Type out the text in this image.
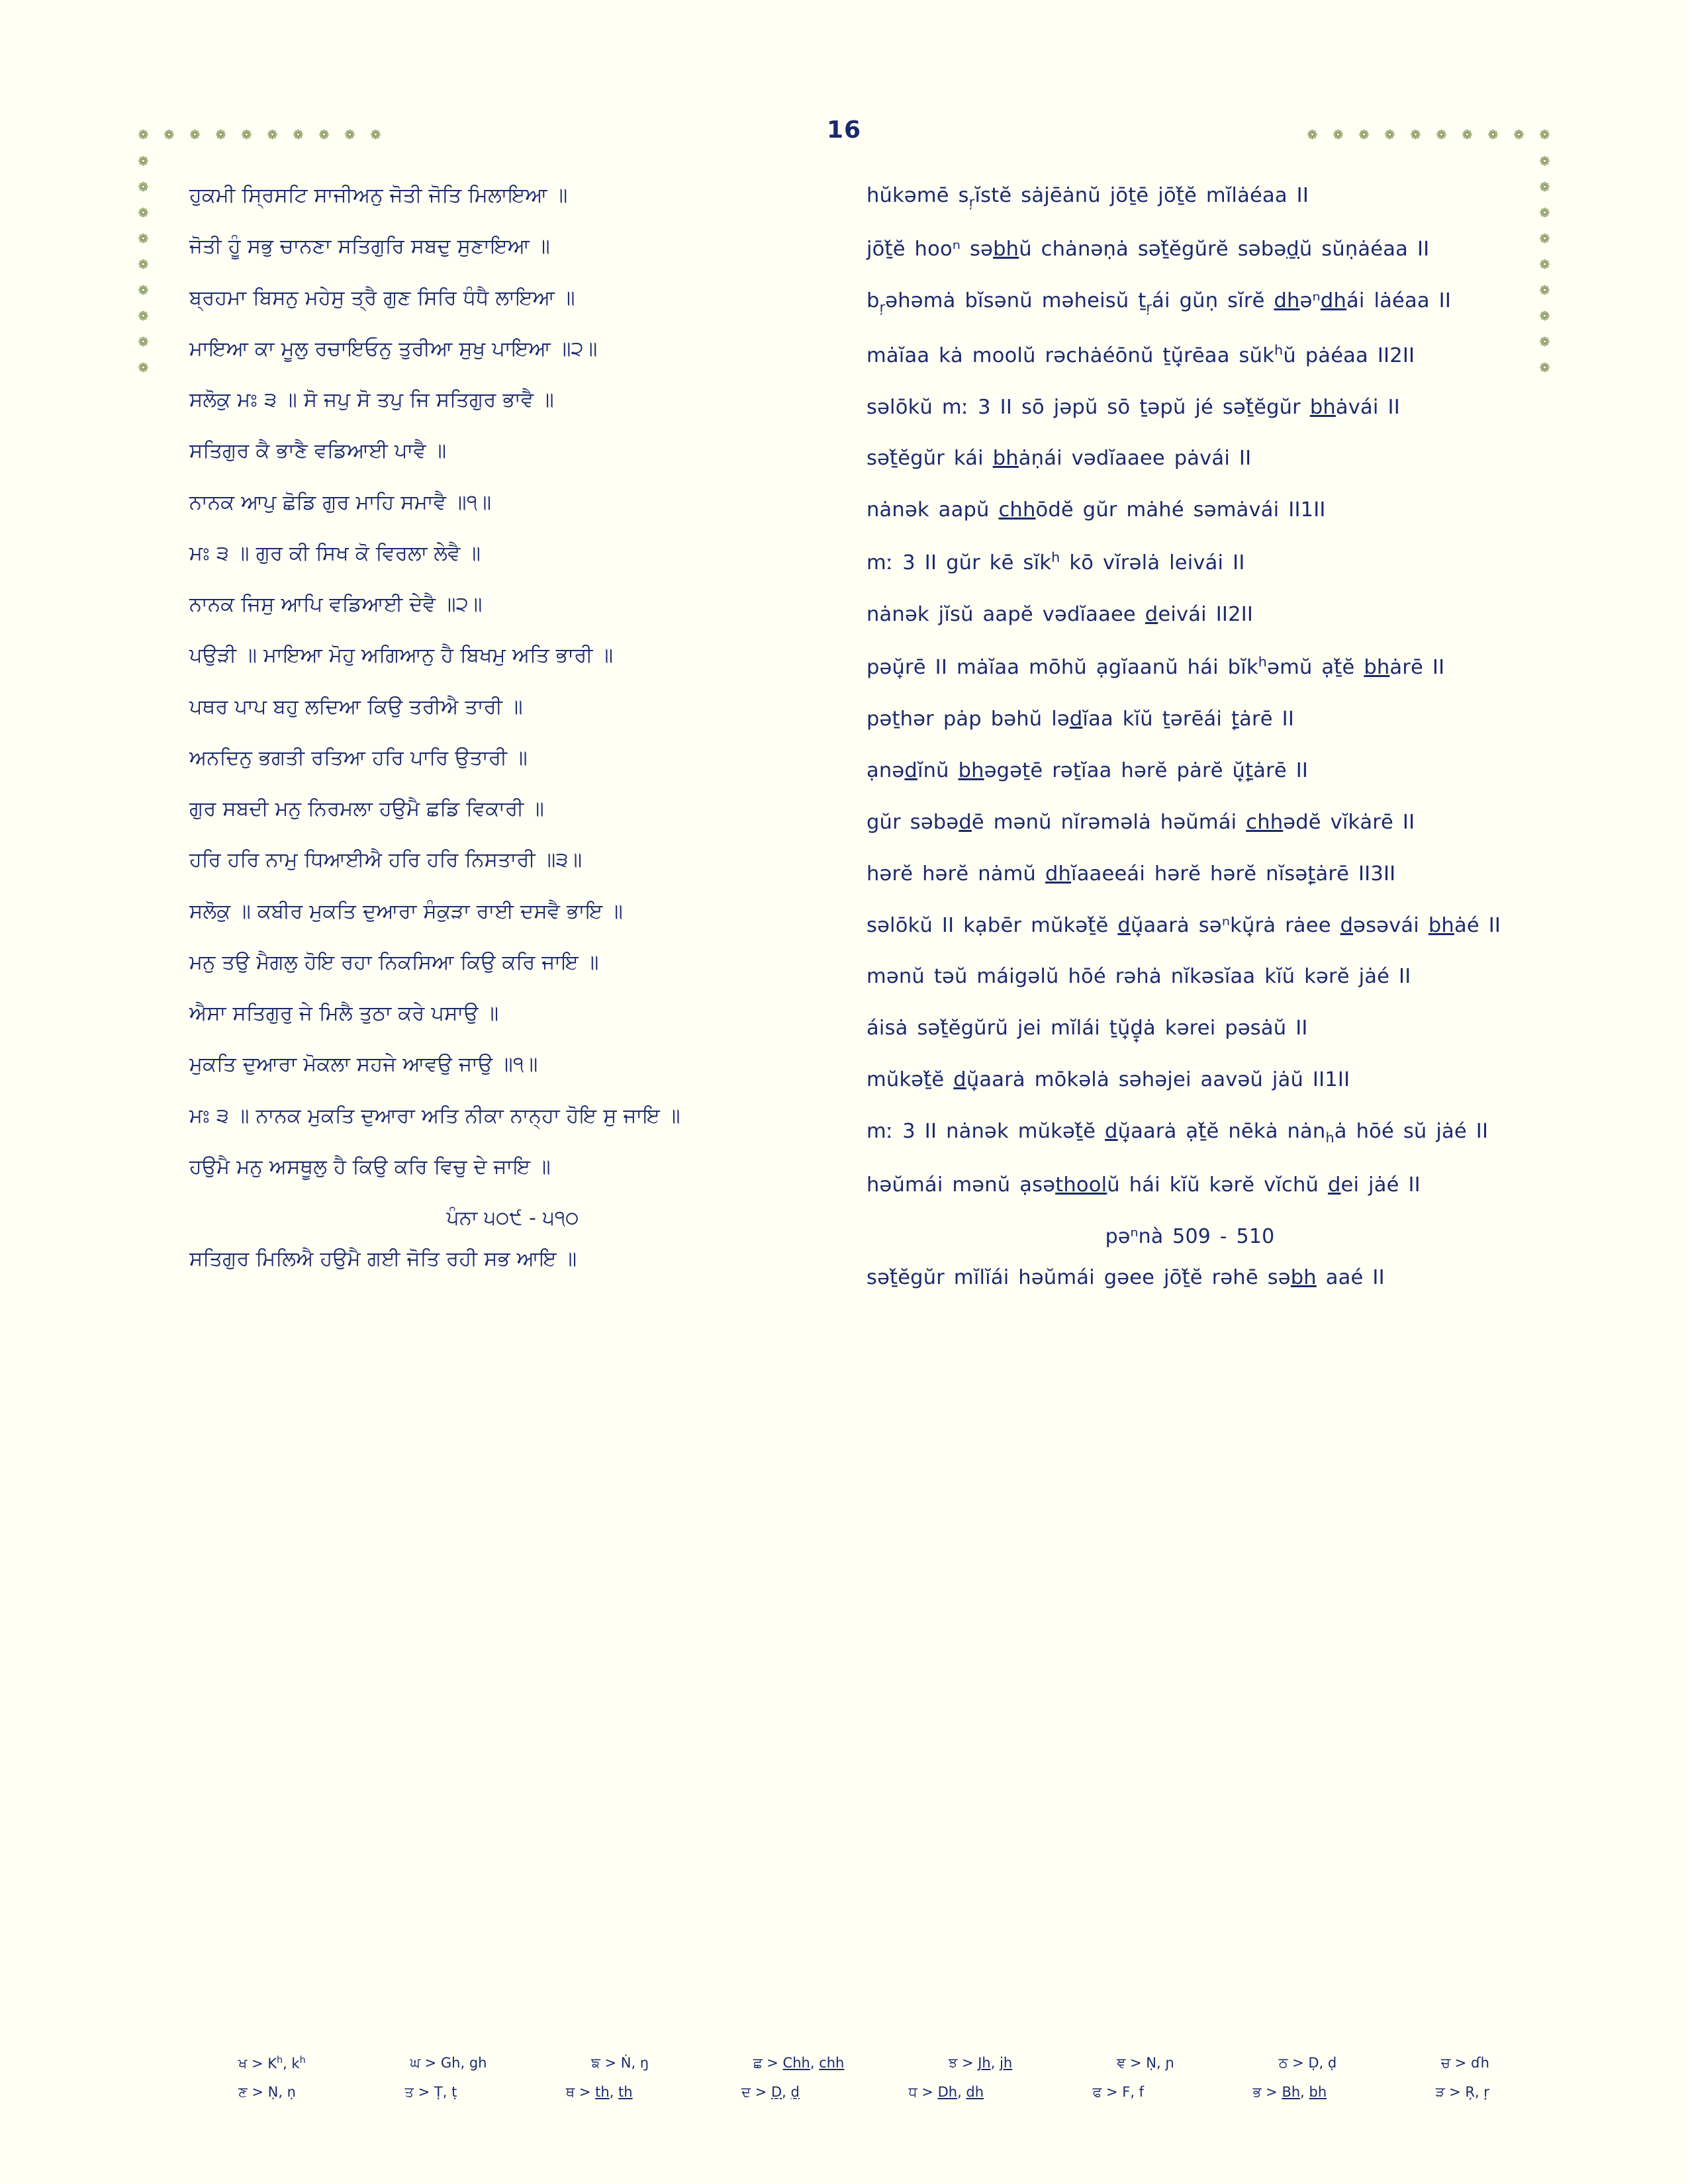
16
❁ ❁ ❁ ❁ ❁ ❁ ❁ ❁ ❁ ❁	❁ ❁ ❁ ❁ ❁ ❁ ❁ ❁ ❁ ❁
❁
❁
❁
❁
❁
❁
❁
❁
❁
❁
❁
❁
❁
❁
❁
❁
❁
❁
ਹੁਕਮੀ ਸ੍ਰਿਸਟਿ ਸਾਜੀਅਨੁ ਜੋਤੀ ਜੋਤਿ ਮਿਲਾਇਆ ॥
ਜੋਤੀ ਹੂੰ ਸਭੁ ਚਾਨਣਾ ਸਤਿਗੁਰਿ ਸਬਦੁ ਸੁਣਾਇਆ ॥
ਬ੍ਰਹਮਾ ਬਿਸਨੁ ਮਹੇਸੁ ਤ੍ਰੈ ਗੁਣ ਸਿਰਿ ਧੰਧੈ ਲਾਇਆ ॥
ਮਾਇਆ ਕਾ ਮੂਲੁ ਰਚਾਇਓਨੁ ਤੁਰੀਆ ਸੁਖੁ ਪਾਇਆ ॥੨॥
ਸਲੋਕੁ ਮਃ ੩ ॥ ਸੋ ਜਪੁ ਸੋ ਤਪੁ ਜਿ ਸਤਿਗੁਰ ਭਾਵੈ ॥
ਸਤਿਗੁਰ ਕੈ ਭਾਣੈ ਵਡਿਆਈ ਪਾਵੈ ॥
ਨਾਨਕ ਆਪੁ ਛੋਡਿ ਗੁਰ ਮਾਹਿ ਸਮਾਵੈ ॥੧॥
ਮਃ ੩ ॥ ਗੁਰ ਕੀ ਸਿਖ ਕੋ ਵਿਰਲਾ ਲੇਵੈ ॥
ਨਾਨਕ ਜਿਸੁ ਆਪਿ ਵਡਿਆਈ ਦੇਵੈ ॥੨॥
ਪਉੜੀ ॥ ਮਾਇਆ ਮੋਹੁ ਅਗਿਆਨੁ ਹੈ ਬਿਖਮੁ ਅਤਿ ਭਾਰੀ ॥
ਪਥਰ ਪਾਪ ਬਹੁ ਲਦਿਆ ਕਿਉ ਤਰੀਐ ਤਾਰੀ ॥
ਅਨਦਿਨੁ ਭਗਤੀ ਰਤਿਆ ਹਰਿ ਪਾਰਿ ਉਤਾਰੀ ॥
ਗੁਰ ਸਬਦੀ ਮਨੁ ਨਿਰਮਲਾ ਹਉਮੈ ਛਡਿ ਵਿਕਾਰੀ ॥
ਹਰਿ ਹਰਿ ਨਾਮੁ ਧਿਆਈਐ ਹਰਿ ਹਰਿ ਨਿਸਤਾਰੀ ॥੩॥
ਸਲੋਕੁ ॥ ਕਬੀਰ ਮੁਕਤਿ ਦੁਆਰਾ ਸੰਕੁੜਾ ਰਾਈ ਦਸਵੈ ਭਾਇ ॥
ਮਨੁ ਤਉ ਮੈਗਲੁ ਹੋਇ ਰਹਾ ਨਿਕਸਿਆ ਕਿਉ ਕਰਿ ਜਾਇ ॥
ਐਸਾ ਸਤਿਗੁਰੁ ਜੇ ਮਿਲੈ ਤੁਠਾ ਕਰੇ ਪਸਾਉ ॥
ਮੁਕਤਿ ਦੁਆਰਾ ਮੋਕਲਾ ਸਹਜੇ ਆਵਉ ਜਾਉ ॥੧॥
ਮਃ ੩ ॥ ਨਾਨਕ ਮੁਕਤਿ ਦੁਆਰਾ ਅਤਿ ਨੀਕਾ ਨਾਨ੍ਹਾ ਹੋਇ ਸੁ ਜਾਇ ॥
ਹਉਮੈ ਮਨੁ ਅਸਥੂਲੁ ਹੈ ਕਿਉ ਕਰਿ ਵਿਚੁ ਦੇ ਜਾਇ ॥
ਪੰਨਾ ੫੦੯ - ੫੧੦
ਸਤਿਗੁਰ ਮਿਲਿਐ ਹਉਮੈ ਗਈ ਜੋਤਿ ਰਹੀ ਸਭ ਆਇ ॥
hŭkəmē $s_ŗĭstĕ$ sȧjēȧnŭ jōṯē jōṯ̆ĕ mĭlȧéaa II
jōṯ̆ĕ hooⁿ səbhŭ chȧnəṇȧ səṯ̆ĕgŭrĕ səbəḏŭ sŭṇȧéaa II
$b_ŗəhəmȧ$ bĭsənŭ məheisŭ ṯ$_ŗ$ái gŭṇ sĭrĕ dhəⁿdhái lȧéaa II
mȧĭaa kȧ moolŭ rəchȧéōnŭ ṯŭ̟rēaa sŭk$^h$ŭ pȧéaa II2II
səlōkŭ mː 3 II sō jəpŭ sō ṯəpŭ jé səṯ̆ĕgŭr bhȧvái II
səṯ̆ĕgŭr kái bhȧṇái vədĭaaee pȧvái II
nȧnək aapŭ chhōdĕ gŭr mȧhé səmȧvái II1II
mː 3 II gŭr kē sĭk$^h$ kō vĭrəlȧ leivái II
nȧnək jĭsŭ aapĕ vədĭaaee deivái II2II
pəŭ̟rē II mȧĭaa mōhŭ ạgĭaanŭ hái bĭk$^h$əmŭ ạṯ̆ĕ bhȧrē II
pəṯhər pȧp bəhŭ lədĭaa kĭŭ ṯərēái ṯ̟ȧrē II
ạnədĭnŭ bhəgəṯē rəṯĭaa hərĕ pȧrĕ ŭ̟ṯ̟ȧrē II
gŭr səbədē mənŭ nĭrəməlȧ həŭmái chhədĕ vĭkȧrē II
hərĕ hərĕ nȧmŭ dhĭaaeeái hərĕ hərĕ nĭsəṯ̟ȧrē II3II
səlōkŭ II kạbēr mŭkəṯ̆ĕ dŭ̟aarȧ səⁿkŭ̟rȧ rȧee dəsəvái bhȧé II
mənŭ təŭ máigəlŭ hōé rəhȧ nĭkəsĭaa kĭŭ kərĕ jȧé II
áisȧ səṯ̆ĕgŭrŭ jei mĭlái ṯŭ̟ḏ̟ȧ kərei pəsȧŭ II
mŭkəṯ̆ĕ dŭ̟aarȧ mōkəlȧ səhəjei aavəŭ jȧŭ II1II
mː 3 II nȧnək mŭkəṯ̆ĕ dŭ̟aarȧ ạṯ̆ĕ nēkȧ nȧn$_h$ȧ hōé sŭ jȧé II
həŭmái mənŭ ạsəthoolŭ hái kĭŭ kərĕ vĭchŭ dei jȧé II
pəⁿnà 509 - 510
səṯ̆ĕgŭr mĭlĭái həŭmái gəee jōṯ̆ĕ rəhē səbh aaé II
ਖ > $K^h$, $k^h$	ਘ > Gh, gh	ਙ > Ṅ, ŋ	ਛ > Chh, chh	ਝ > Jh, jh	ਞ > Ṇ, ɲ	ਠ > Ḍ, ḍ	ਚ > ɗh
ਣ > Ṇ, ṇ	ਤ > Ṭ, ṭ	ਥ > th, th	ਦ > Ḏ, ḏ	ਧ > Dh, dh	ਫ > F, f	ਭ > Bh, bh	ੜ > Ŗ, ŗ
